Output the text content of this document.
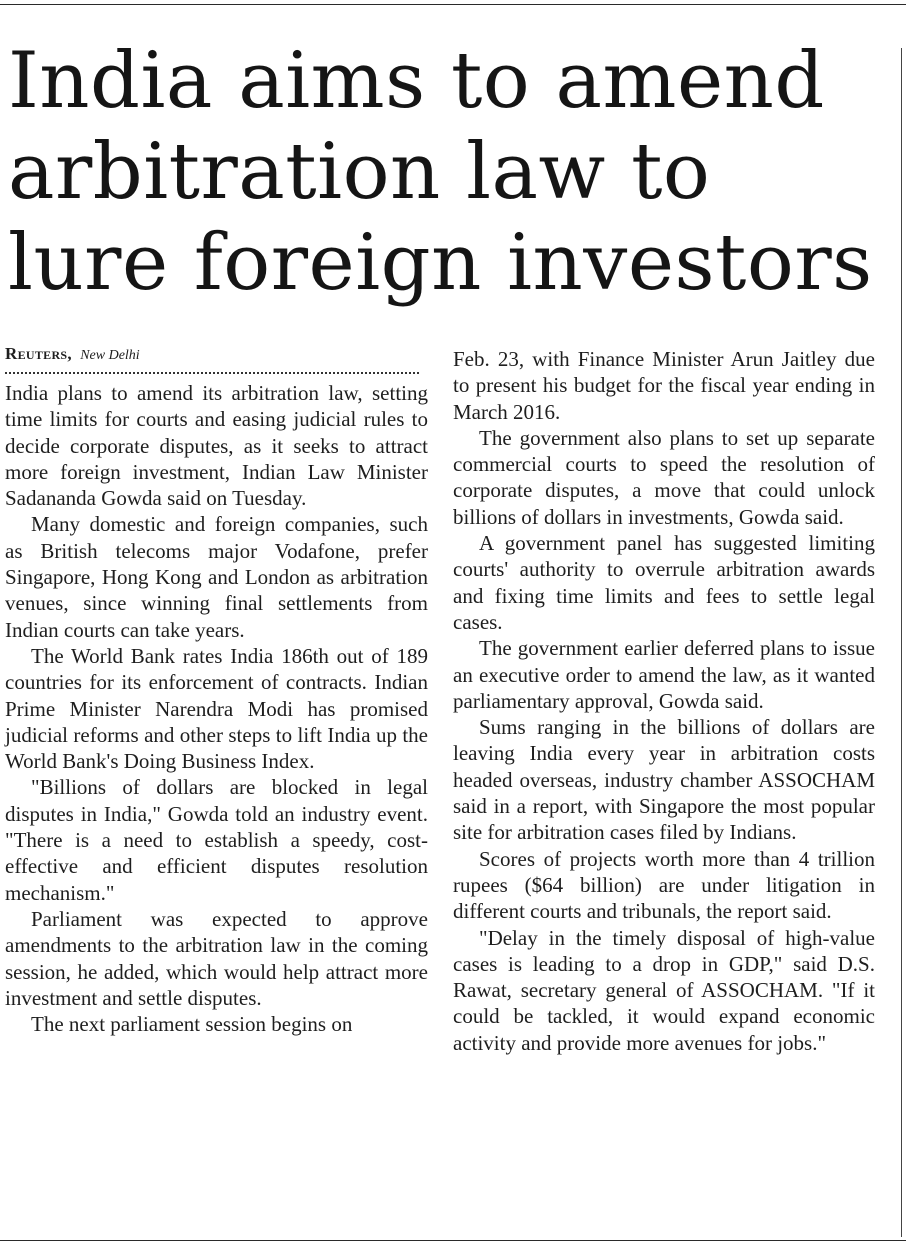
India aims to amend
arbitration law to
lure foreign investors
Reuters, New Delhi

India plans to amend its arbitration law, setting time limits for courts and easing judicial rules to decide corporate disputes, as it seeks to attract more foreign investment, Indian Law Minister Sadananda Gowda said on Tuesday.

Many domestic and foreign companies, such as British telecoms major Vodafone, prefer Singapore, Hong Kong and London as arbitration venues, since winning final settlements from Indian courts can take years.

The World Bank rates India 186th out of 189 countries for its enforcement of contracts. Indian Prime Minister Narendra Modi has promised judicial reforms and other steps to lift India up the World Bank's Doing Business Index.

"Billions of dollars are blocked in legal disputes in India," Gowda told an industry event. "There is a need to establish a speedy, cost-effective and efficient disputes resolution mechanism."

Parliament was expected to approve amendments to the arbitration law in the coming session, he added, which would help attract more investment and settle disputes.

The next parliament session begins on

Feb. 23, with Finance Minister Arun Jaitley due to present his budget for the fiscal year ending in March 2016.

The government also plans to set up separate commercial courts to speed the resolution of corporate disputes, a move that could unlock billions of dollars in investments, Gowda said.

A government panel has suggested limiting courts' authority to overrule arbitration awards and fixing time limits and fees to settle legal cases.

The government earlier deferred plans to issue an executive order to amend the law, as it wanted parliamentary approval, Gowda said.

Sums ranging in the billions of dollars are leaving India every year in arbitration costs headed overseas, industry chamber ASSOCHAM said in a report, with Singapore the most popular site for arbitration cases filed by Indians.

Scores of projects worth more than 4 trillion rupees ($64 billion) are under litigation in different courts and tribunals, the report said.

"Delay in the timely disposal of high-value cases is leading to a drop in GDP," said D.S. Rawat, secretary general of ASSOCHAM. "If it could be tackled, it would expand economic activity and provide more avenues for jobs."
